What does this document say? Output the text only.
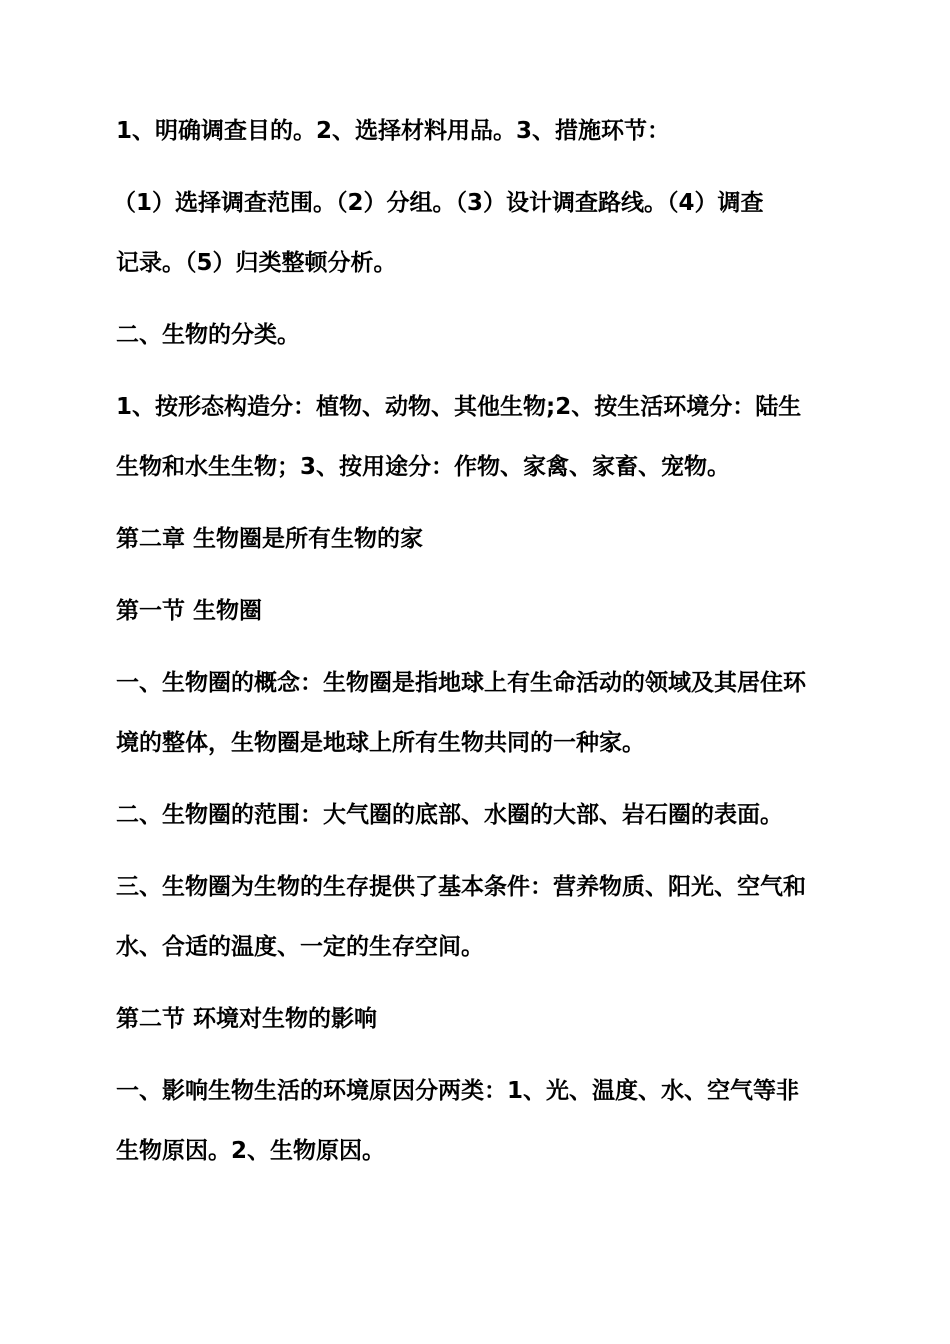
1、明确调查目的。2、选择材料用品。3、措施环节：
（1）选择调查范围。（2）分组。（3）设计调查路线。（4）调查
记录。（5）归类整顿分析。
二、生物的分类。
1、按形态构造分：植物、动物、其他生物;2、按生活环境分：陆生
生物和水生生物；3、按用途分：作物、家禽、家畜、宠物。
第二章 生物圈是所有生物的家
第一节 生物圈
一、生物圈的概念：生物圈是指地球上有生命活动的领域及其居住环
境的整体，生物圈是地球上所有生物共同的一种家。
二、生物圈的范围：大气圈的底部、水圈的大部、岩石圈的表面。
三、生物圈为生物的生存提供了基本条件：营养物质、阳光、空气和
水、合适的温度、一定的生存空间。
第二节 环境对生物的影响
一、影响生物生活的环境原因分两类：1、光、温度、水、空气等非
生物原因。2、生物原因。
